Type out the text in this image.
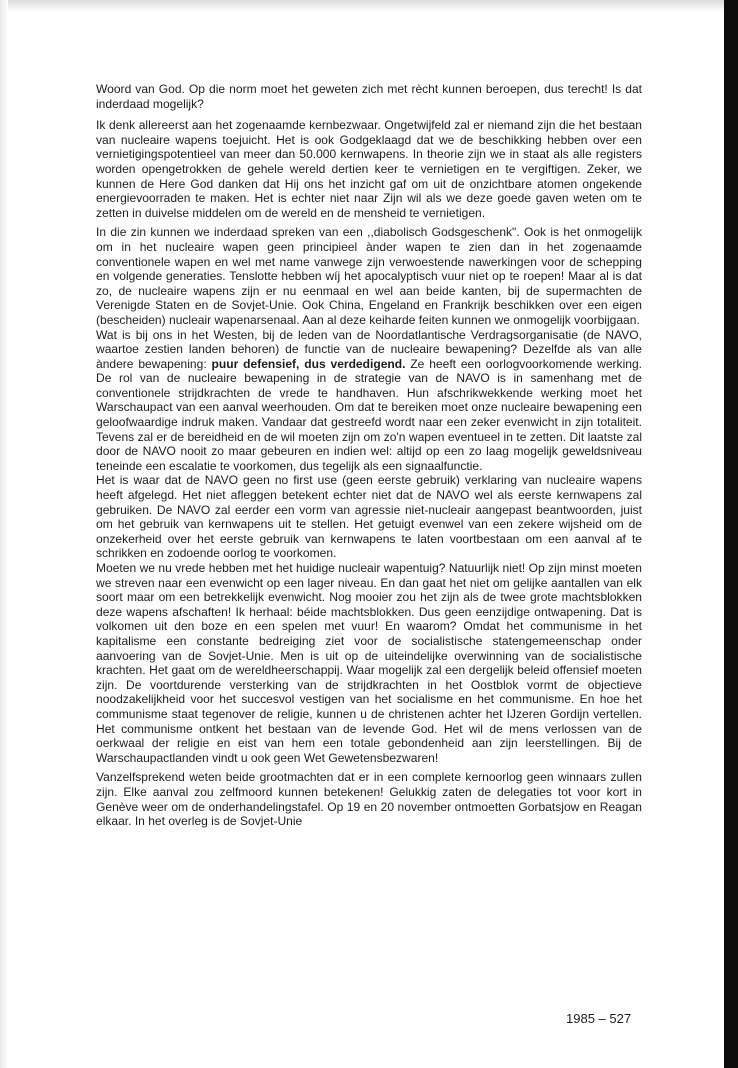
Woord van God. Op die norm moet het geweten zich met rècht kunnen beroepen, dus terecht! Is dat inderdaad mogelijk?

Ik denk allereerst aan het zogenaamde kernbezwaar. Ongetwijfeld zal er niemand zijn die het bestaan van nucleaire wapens toejuicht. Het is ook Godgeklaagd dat we de beschikking hebben over een vernietigingspotentieel van meer dan 50.000 kernwapens. In theorie zijn we in staat als alle registers worden opengetrokken de gehele wereld dertien keer te vernietigen en te vergiftigen. Zeker, we kunnen de Here God danken dat Hij ons het inzicht gaf om uit de onzichtbare atomen ongekende energievoorraden te maken. Het is echter niet naar Zijn wil als we deze goede gaven weten om te zetten in duivelse middelen om de wereld en de mensheid te vernietigen.

In die zin kunnen we inderdaad spreken van een ,,diabolisch Godsgeschenk". Ook is het onmogelijk om in het nucleaire wapen geen principieel ànder wapen te zien dan in het zogenaamde conventionele wapen en wel met name vanwege zijn verwoestende nawerkingen voor de schepping en volgende generaties. Tenslotte hebben wíj het apocalyptisch vuur niet op te roepen! Maar al is dat zo, de nucleaire wapens zijn er nu eenmaal en wel aan beide kanten, bij de supermachten de Verenigde Staten en de Sovjet-Unie. Ook China, Engeland en Frankrijk beschikken over een eigen (bescheiden) nucleair wapenarsenaal. Aan al deze keiharde feiten kunnen we onmogelijk voorbijgaan.

Wat is bij ons in het Westen, bij de leden van de Noordatlantische Verdragsorganisatie (de NAVO, waartoe zestien landen behoren) de functie van de nucleaire bewapening? Dezelfde als van alle àndere bewapening: puur defensief, dus verdedigend. Ze heeft een oorlogvoorkomende werking. De rol van de nucleaire bewapening in de strategie van de NAVO is in samenhang met de conventionele strijdkrachten de vrede te handhaven. Hun afschrikwekkende werking moet het Warschaupact van een aanval weerhouden. Om dat te bereiken moet onze nucleaire bewapening een geloofwaardige indruk maken. Vandaar dat gestreefd wordt naar een zeker evenwicht in zijn totaliteit. Tevens zal er de bereidheid en de wil moeten zijn om zo'n wapen eventueel in te zetten. Dit laatste zal door de NAVO nooit zo maar gebeuren en indien wel: altijd op een zo laag mogelijk geweldsniveau teneinde een escalatie te voorkomen, dus tegelijk als een signaalfunctie.

Het is waar dat de NAVO geen no first use (geen eerste gebruik) verklaring van nucleaire wapens heeft afgelegd. Het niet afleggen betekent echter niet dat de NAVO wel als eerste kernwapens zal gebruiken. De NAVO zal eerder een vorm van agressie niet-nucleair aangepast beantwoorden, juist om het gebruik van kernwapens uit te stellen. Het getuigt evenwel van een zekere wijsheid om de onzekerheid over het eerste gebruik van kernwapens te laten voortbestaan om een aanval af te schrikken en zodoende oorlog te voorkomen.

Moeten we nu vrede hebben met het huidige nucleair wapentuig? Natuurlijk niet! Op zijn minst moeten we streven naar een evenwicht op een lager niveau. En dan gaat het niet om gelijke aantallen van elk soort maar om een betrekkelijk evenwicht. Nog mooier zou het zijn als de twee grote machtsblokken deze wapens afschaften! Ik herhaal: béide machtsblokken. Dus geen eenzijdige ontwapening. Dat is volkomen uit den boze en een spelen met vuur! En waarom? Omdat het communisme in het kapitalisme een constante bedreiging ziet voor de socialistische statengemeenschap onder aanvoering van de Sovjet-Unie. Men is uit op de uiteindelijke overwinning van de socialistische krachten. Het gaat om de wereldheerschappij. Waar mogelijk zal een dergelijk beleid offensief moeten zijn. De voortdurende versterking van de strijdkrachten in het Oostblok vormt de objectieve noodzakelijkheid voor het succesvol vestigen van het socialisme en het communisme. En hoe het communisme staat tegenover de religie, kunnen u de christenen achter het IJzeren Gordijn vertellen. Het communisme ontkent het bestaan van de levende God. Het wil de mens verlossen van de oerkwaal der religie en eist van hem een totale gebondenheid aan zijn leerstellingen. Bij de Warschaupactlanden vindt u ook geen Wet Gewetensbezwaren!

Vanzelfsprekend weten beide grootmachten dat er in een complete kernoorlog geen winnaars zullen zijn. Elke aanval zou zelfmoord kunnen betekenen! Gelukkig zaten de delegaties tot voor kort in Genève weer om de onderhandelingstafel. Op 19 en 20 november ontmoetten Gorbatsjow en Reagan elkaar. In het overleg is de Sovjet-Unie

1985 – 527
